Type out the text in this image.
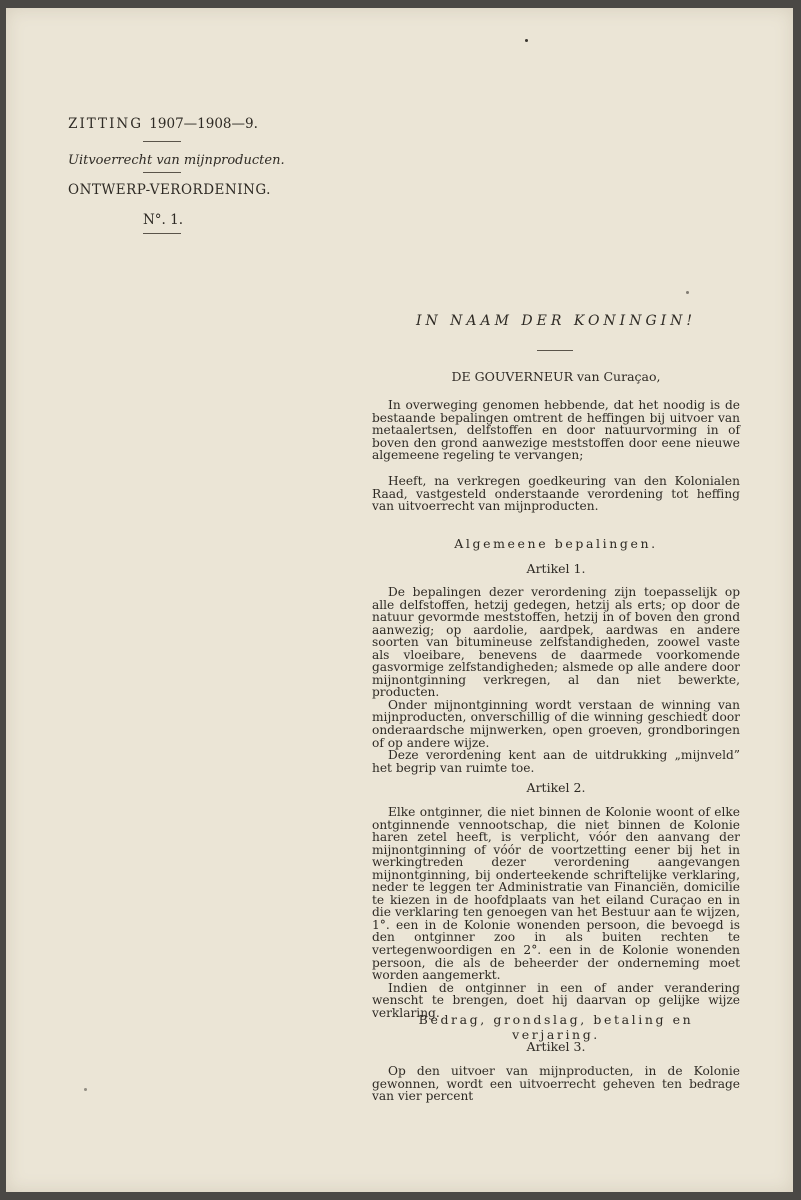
ZITTING 1907—1908—9.
Uitvoerrecht van mijnproducten.
ONTWERP-VERORDENING.
N°. 1.
IN NAAM DER KONINGIN!
DE GOUVERNEUR van Curaçao,

In overweging genomen hebbende, dat het noodig is de bestaande bepalingen omtrent de heffingen bij uitvoer van metaalertsen, delfstoffen en door natuurvorming in of boven den grond aanwezige meststoffen door eene nieuwe algemeene regeling te vervangen;

Heeft, na verkregen goedkeuring van den Kolonialen Raad, vastgesteld onderstaande verordening tot heffing van uitvoerrecht van mijnproducten.

Algemeene bepalingen.
Artikel 1.

De bepalingen dezer verordening zijn toepasselijk op alle delfstoffen, hetzij gedegen, hetzij als erts; op door de natuur gevormde meststoffen, hetzij in of boven den grond aanwezig; op aardolie, aardpek, aardwas en andere soorten van bitumineuse zelfstandigheden, zoowel vaste als vloeibare, benevens de daarmede voorkomende gasvormige zelfstandigheden; alsmede op alle andere door mijnontginning verkregen, al dan niet bewerkte, producten.

Onder mijnontginning wordt verstaan de winning van mijnproducten, onverschillig of die winning geschiedt door onderaardsche mijnwerken, open groeven, grondboringen of op andere wijze.

Deze verordening kent aan de uitdrukking „mijnveld” het begrip van ruimte toe.

Artikel 2.

Elke ontginner, die niet binnen de Kolonie woont of elke ontginnende vennootschap, die niet binnen de Kolonie haren zetel heeft, is verplicht, vóór den aanvang der mijnontginning of vóór de voortzetting eener bij het in werkingtreden dezer verordening aangevangen mijnontginning, bij onderteekende schriftelijke verklaring, neder te leggen ter Administratie van Financiën, domicilie te kiezen in de hoofdplaats van het eiland Curaçao en in die verklaring ten genoegen van het Bestuur aan te wijzen, 1°. een in de Kolonie wonenden persoon, die bevoegd is den ontginner zoo in als buiten rechten te vertegenwoordigen en 2°. een in de Kolonie wonenden persoon, die als de beheerder der onderneming moet worden aangemerkt.

Indien de ontginner in een of ander verandering wenscht te brengen, doet hij daarvan op gelijke wijze verklaring.

Bedrag, grondslag, betaling en verjaring.
Artikel 3.

Op den uitvoer van mijnproducten, in de Kolonie gewonnen, wordt een uitvoerrecht geheven ten bedrage van vier percent
